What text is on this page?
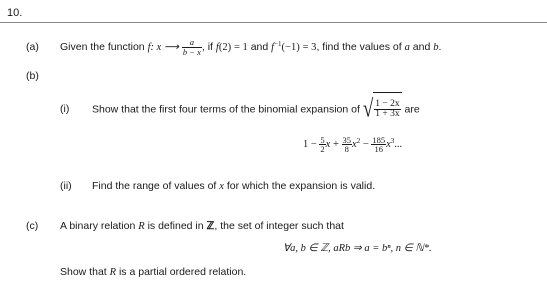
10.
(a) Given the function f: x ⟶ $\frac{a}{b - x}$ , if f(2) = 1 and $f^{-1}(-1) = 3$, find the values of a and b.
(b)
(i) Show that the first four terms of the binomial expansion of √ $\frac{1 - 2x}{1 + 3x}$ are
$1 - \frac{5}{2}$ $x + \frac{35}{8} x^2 - \frac{185}{16} x^3$...
(ii) Find the range of values of x for which the expansion is valid.
(c) A binary relation R is defined in ℤ, the set of integer such that
∀a, b ∈ ℤ, aRb ⇒ a = bⁿ, n ∈ ℕ*.
Show that R is a partial ordered relation.
